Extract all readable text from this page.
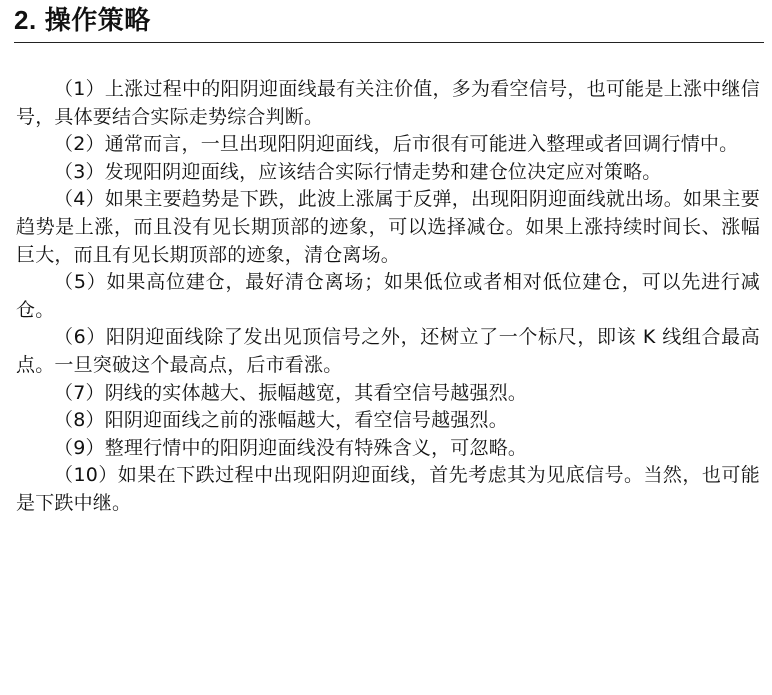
2. 操作策略

（1）上涨过程中的阳阴迎面线最有关注价值，多为看空信号，也可能是上涨中继信号，具体要结合实际走势综合判断。

（2）通常而言，一旦出现阳阴迎面线，后市很有可能进入整理或者回调行情中。

（3）发现阳阴迎面线，应该结合实际行情走势和建仓位决定应对策略。

（4）如果主要趋势是下跌，此波上涨属于反弹，出现阳阴迎面线就出场。如果主要趋势是上涨，而且没有见长期顶部的迹象，可以选择减仓。如果上涨持续时间长、涨幅巨大，而且有见长期顶部的迹象，清仓离场。

（5）如果高位建仓，最好清仓离场；如果低位或者相对低位建仓，可以先进行减仓。

（6）阳阴迎面线除了发出见顶信号之外，还树立了一个标尺，即该 K 线组合最高点。一旦突破这个最高点，后市看涨。

（7）阴线的实体越大、振幅越宽，其看空信号越强烈。

（8）阳阴迎面线之前的涨幅越大，看空信号越强烈。

（9）整理行情中的阳阴迎面线没有特殊含义，可忽略。

（10）如果在下跌过程中出现阳阴迎面线，首先考虑其为见底信号。当然，也可能是下跌中继。
